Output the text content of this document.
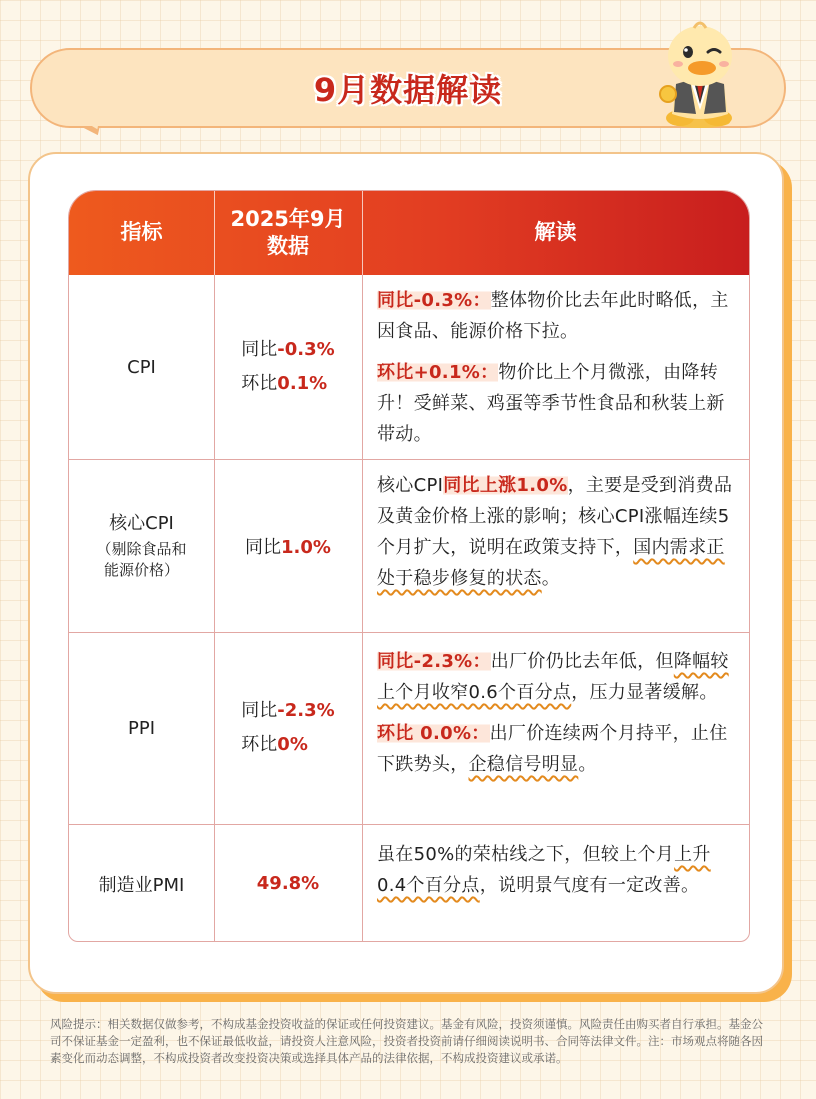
9月数据解读
指标
2025年9月
数据
解读
CPI
同比-0.3%
环比0.1%

同比-0.3%：整体物价比去年此时略低，主因食品、能源价格下拉。

环比+0.1%：物价比上个月微涨，由降转升！受鲜菜、鸡蛋等季节性食品和秋装上新带动。

核心CPI
（剔除食品和
能源价格）
同比1.0%

核心CPI同比上涨1.0%，主要是受到消费品及黄金价格上涨的影响；核心CPI涨幅连续5个月扩大，说明在政策支持下，国内需求正处于稳步修复的状态。

PPI
同比-2.3%
环比0%

同比-2.3%：出厂价仍比去年低，但降幅较上个月收窄0.6个百分点，压力显著缓解。

环比 0.0%：出厂价连续两个月持平，止住下跌势头，企稳信号明显。

制造业PMI	49.8%

虽在50%的荣枯线之下，但较上个月上升0.4个百分点，说明景气度有一定改善。

风险提示：相关数据仅做参考，不构成基金投资收益的保证或任何投资建议。基金有风险，投资须谨慎。风险责任由购买者自行承担。基金公司不保证基金一定盈利，也不保证最低收益，请投资人注意风险，投资者投资前请仔细阅读说明书、合同等法律文件。注：市场观点将随各因素变化而动态调整，不构成投资者改变投资决策或选择具体产品的法律依据，不构成投资建议或承诺。
